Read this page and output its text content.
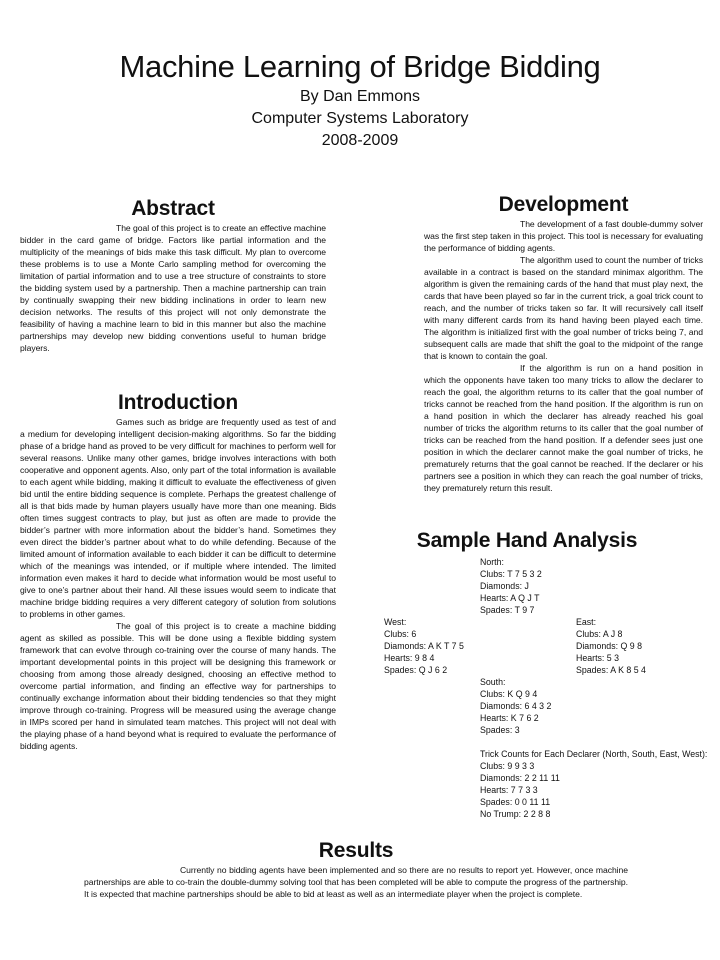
Machine Learning of Bridge Bidding
By Dan Emmons
Computer Systems Laboratory
2008-2009
Abstract

The goal of this project is to create an effective machine bidder in the card game of bridge. Factors like partial information and the multiplicity of the meanings of bids make this task difficult. My plan to overcome these problems is to use a Monte Carlo sampling method for overcoming the limitation of partial information and to use a tree structure of constraints to store the bidding system used by a partnership. Then a machine partnership can train by continually swapping their new bidding inclinations in order to learn new decision networks. The results of this project will not only demonstrate the feasibility of having a machine learn to bid in this manner but also the machine partnerships may develop new bidding conventions useful to human bridge players.

Introduction

Games such as bridge are frequently used as test of and a medium for developing intelligent decision-making algorithms. So far the bidding phase of a bridge hand as proved to be very difficult for machines to perform well for several reasons. Unlike many other games, bridge involves interactions with both cooperative and opponent agents. Also, only part of the total information is available to each agent while bidding, making it difficult to evaluate the effectiveness of given bid until the entire bidding sequence is complete. Perhaps the greatest challenge of all is that bids made by human players usually have more than one meaning. Bids often times suggest contracts to play, but just as often are made to provide the bidder’s partner with more information about the bidder’s hand. Sometimes they even direct the bidder’s partner about what to do while defending. Because of the limited amount of information available to each bidder it can be difficult to determine which of the meanings was intended, or if multiple where intended. The limited information even makes it hard to decide what information would be most useful to give to one’s partner about their hand. All these issues would seem to indicate that machine bridge bidding requires a very different category of solution from solutions to problems in other games.

The goal of this project is to create a machine bidding agent as skilled as possible. This will be done using a flexible bidding system framework that can evolve through co-training over the course of many hands. The important developmental points in this project will be designing this framework or choosing from among those already designed, choosing an effective method to overcome partial information, and finding an effective way for partnerships to continually exchange information about their bidding tendencies so that they might improve through co-training. Progress will be measured using the average change in IMPs scored per hand in simulated team matches. This project will not deal with the playing phase of a hand beyond what is required to evaluate the performance of bidding agents.

Development

The development of a fast double-dummy solver was the first step taken in this project. This tool is necessary for evaluating the performance of bidding agents.

The algorithm used to count the number of tricks available in a contract is based on the standard minimax algorithm. The algorithm is given the remaining cards of the hand that must play next, the cards that have been played so far in the current trick, a goal trick count to reach, and the number of tricks taken so far. It will recursively call itself with many different cards from its hand having been played each time. The algorithm is initialized first with the goal number of tricks being 7, and subsequent calls are made that shift the goal to the midpoint of the range that is known to contain the goal.

If the algorithm is run on a hand position in which the opponents have taken too many tricks to allow the declarer to reach the goal, the algorithm returns to its caller that the goal number of tricks cannot be reached from the hand position. If the algorithm is run on a hand position in which the declarer has already reached his goal number of tricks the algorithm returns to its caller that the goal number of tricks can be reached from the hand position. If a defender sees just one position in which the declarer cannot make the goal number of tricks, he prematurely returns that the goal cannot be reached. If the declarer or his partners see a position in which they can reach the goal number of tricks, they prematurely return this result.

Sample Hand Analysis
North:
Clubs: T 7 5 3 2
Diamonds: J
Hearts: A Q J T
Spades: T 9 7
West:
Clubs: 6
Diamonds: A K T 7 5
Hearts: 9 8 4
Spades: Q J 6 2
East:
Clubs: A J 8
Diamonds: Q 9 8
Hearts: 5 3
Spades: A K 8 5 4
South:
Clubs: K Q 9 4
Diamonds: 6 4 3 2
Hearts: K 7 6 2
Spades: 3
Trick Counts for Each Declarer (North, South, East, West):
Clubs: 9 9 3 3
Diamonds: 2 2 11 11
Hearts: 7 7 3 3
Spades: 0 0 11 11
No Trump: 2 2 8 8
Results

Currently no bidding agents have been implemented and so there are no results to report yet. However, once machine partnerships are able to co-train the double-dummy solving tool that has been completed will be able to compute the progress of the partnership. It is expected that machine partnerships should be able to bid at least as well as an intermediate player when the project is complete.
